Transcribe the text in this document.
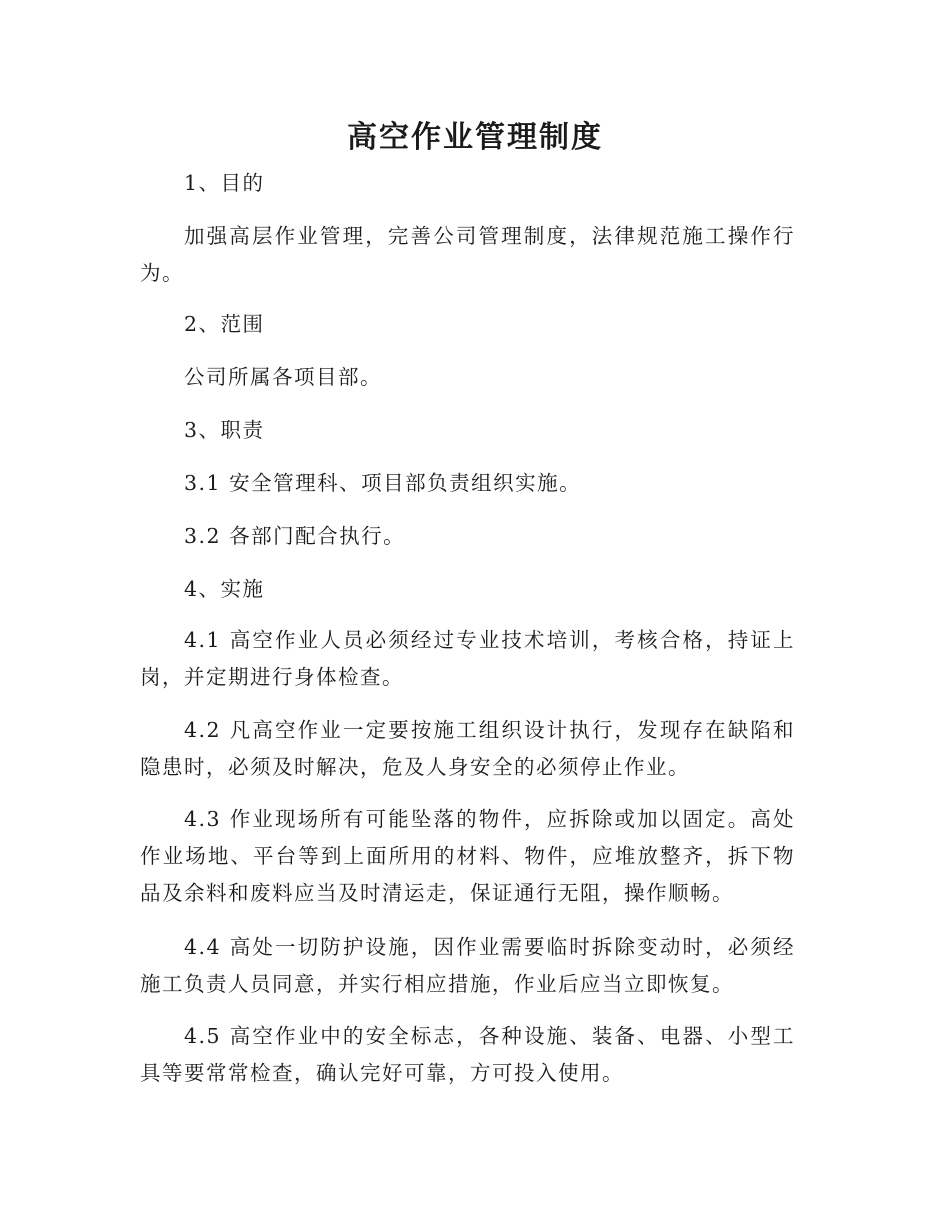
高空作业管理制度

1、目的

加强高层作业管理，完善公司管理制度，法律规范施工操作行为。

2、范围

公司所属各项目部。

3、职责

3.1 安全管理科、项目部负责组织实施。

3.2 各部门配合执行。

4、实施

4.1 高空作业人员必须经过专业技术培训，考核合格，持证上岗，并定期进行身体检查。

4.2 凡高空作业一定要按施工组织设计执行，发现存在缺陷和隐患时，必须及时解决，危及人身安全的必须停止作业。

4.3 作业现场所有可能坠落的物件，应拆除或加以固定。高处作业场地、平台等到上面所用的材料、物件，应堆放整齐，拆下物品及余料和废料应当及时清运走，保证通行无阻，操作顺畅。

4.4 高处一切防护设施，因作业需要临时拆除变动时，必须经施工负责人员同意，并实行相应措施，作业后应当立即恢复。

4.5 高空作业中的安全标志，各种设施、装备、电器、小型工具等要常常检查，确认完好可靠，方可投入使用。
